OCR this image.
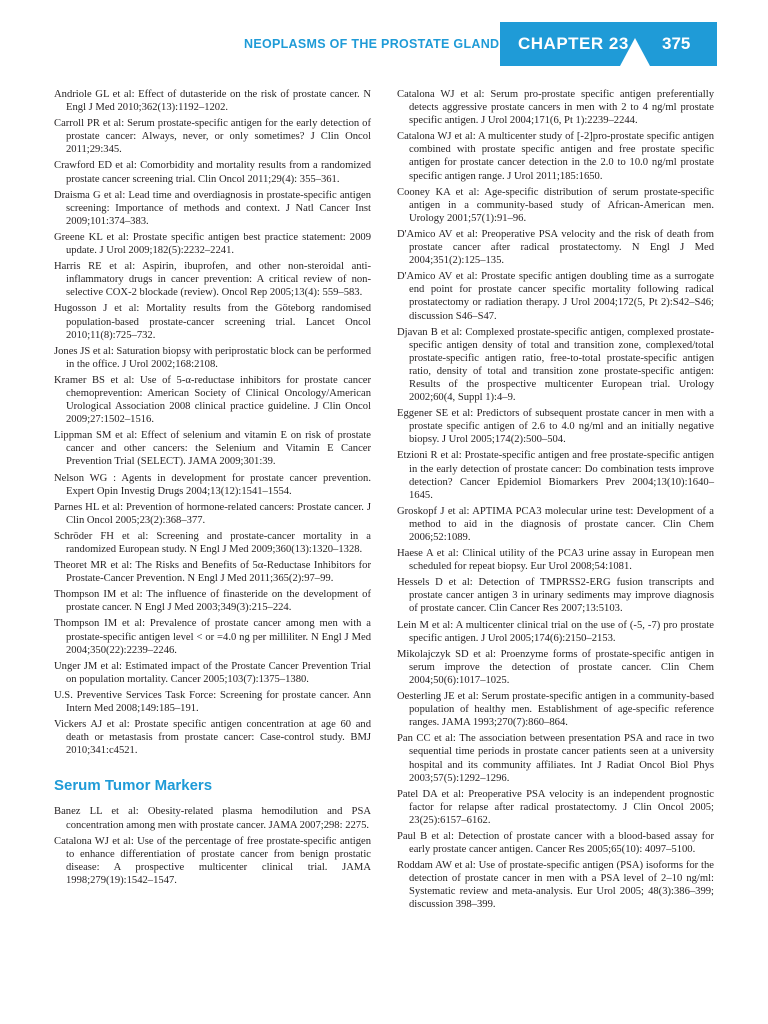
NEOPLASMS OF THE PROSTATE GLAND CHAPTER 23 375

Andriole GL et al: Effect of dutasteride on the risk of prostate cancer. N Engl J Med 2010;362(13):1192–1202.

Carroll PR et al: Serum prostate-specific antigen for the early detection of prostate cancer: Always, never, or only sometimes? J Clin Oncol 2011;29:345.

Crawford ED et al: Comorbidity and mortality results from a randomized prostate cancer screening trial. Clin Oncol 2011;29(4): 355–361.

Draisma G et al: Lead time and overdiagnosis in prostate-specific antigen screening: Importance of methods and context. J Natl Cancer Inst 2009;101:374–383.

Greene KL et al: Prostate specific antigen best practice statement: 2009 update. J Urol 2009;182(5):2232–2241.

Harris RE et al: Aspirin, ibuprofen, and other non-steroidal anti-inflammatory drugs in cancer prevention: A critical review of non-selective COX-2 blockade (review). Oncol Rep 2005;13(4): 559–583.

Hugosson J et al: Mortality results from the Göteborg randomised population-based prostate-cancer screening trial. Lancet Oncol 2010;11(8):725–732.

Jones JS et al: Saturation biopsy with periprostatic block can be performed in the office. J Urol 2002;168:2108.

Kramer BS et al: Use of 5-α-reductase inhibitors for prostate cancer chemoprevention: American Society of Clinical Oncology/American Urological Association 2008 clinical practice guideline. J Clin Oncol 2009;27:1502–1516.

Lippman SM et al: Effect of selenium and vitamin E on risk of prostate cancer and other cancers: the Selenium and Vitamin E Cancer Prevention Trial (SELECT). JAMA 2009;301:39.

Nelson WG : Agents in development for prostate cancer prevention. Expert Opin Investig Drugs 2004;13(12):1541–1554.

Parnes HL et al: Prevention of hormone-related cancers: Prostate cancer. J Clin Oncol 2005;23(2):368–377.

Schröder FH et al: Screening and prostate-cancer mortality in a randomized European study. N Engl J Med 2009;360(13):1320–1328.

Theoret MR et al: The Risks and Benefits of 5α-Reductase Inhibitors for Prostate-Cancer Prevention. N Engl J Med 2011;365(2):97–99.

Thompson IM et al: The influence of finasteride on the development of prostate cancer. N Engl J Med 2003;349(3):215–224.

Thompson IM et al: Prevalence of prostate cancer among men with a prostate-specific antigen level < or =4.0 ng per milliliter. N Engl J Med 2004;350(22):2239–2246.

Unger JM et al: Estimated impact of the Prostate Cancer Prevention Trial on population mortality. Cancer 2005;103(7):1375–1380.

U.S. Preventive Services Task Force: Screening for prostate cancer. Ann Intern Med 2008;149:185–191.

Vickers AJ et al: Prostate specific antigen concentration at age 60 and death or metastasis from prostate cancer: Case-control study. BMJ 2010;341:c4521.

Serum Tumor Markers

Banez LL et al: Obesity-related plasma hemodilution and PSA concentration among men with prostate cancer. JAMA 2007;298: 2275.

Catalona WJ et al: Use of the percentage of free prostate-specific antigen to enhance differentiation of prostate cancer from benign prostatic disease: A prospective multicenter clinical trial. JAMA 1998;279(19):1542–1547.

Catalona WJ et al: Serum pro-prostate specific antigen preferentially detects aggressive prostate cancers in men with 2 to 4 ng/ml prostate specific antigen. J Urol 2004;171(6, Pt 1):2239–2244.

Catalona WJ et al: A multicenter study of [-2]pro-prostate specific antigen combined with prostate specific antigen and free prostate specific antigen for prostate cancer detection in the 2.0 to 10.0 ng/ml prostate specific antigen range. J Urol 2011;185:1650.

Cooney KA et al: Age-specific distribution of serum prostate-specific antigen in a community-based study of African-American men. Urology 2001;57(1):91–96.

D'Amico AV et al: Preoperative PSA velocity and the risk of death from prostate cancer after radical prostatectomy. N Engl J Med 2004;351(2):125–135.

D'Amico AV et al: Prostate specific antigen doubling time as a surrogate end point for prostate cancer specific mortality following radical prostatectomy or radiation therapy. J Urol 2004;172(5, Pt 2):S42–S46; discussion S46–S47.

Djavan B et al: Complexed prostate-specific antigen, complexed prostate-specific antigen density of total and transition zone, complexed/total prostate-specific antigen ratio, free-to-total prostate-specific antigen ratio, density of total and transition zone prostate-specific antigen: Results of the prospective multicenter European trial. Urology 2002;60(4, Suppl 1):4–9.

Eggener SE et al: Predictors of subsequent prostate cancer in men with a prostate specific antigen of 2.6 to 4.0 ng/ml and an initially negative biopsy. J Urol 2005;174(2):500–504.

Etzioni R et al: Prostate-specific antigen and free prostate-specific antigen in the early detection of prostate cancer: Do combination tests improve detection? Cancer Epidemiol Biomarkers Prev 2004;13(10):1640–1645.

Groskopf J et al: APTIMA PCA3 molecular urine test: Development of a method to aid in the diagnosis of prostate cancer. Clin Chem 2006;52:1089.

Haese A et al: Clinical utility of the PCA3 urine assay in European men scheduled for repeat biopsy. Eur Urol 2008;54:1081.

Hessels D et al: Detection of TMPRSS2-ERG fusion transcripts and prostate cancer antigen 3 in urinary sediments may improve diagnosis of prostate cancer. Clin Cancer Res 2007;13:5103.

Lein M et al: A multicenter clinical trial on the use of (-5, -7) pro prostate specific antigen. J Urol 2005;174(6):2150–2153.

Mikolajczyk SD et al: Proenzyme forms of prostate-specific antigen in serum improve the detection of prostate cancer. Clin Chem 2004;50(6):1017–1025.

Oesterling JE et al: Serum prostate-specific antigen in a community-based population of healthy men. Establishment of age-specific reference ranges. JAMA 1993;270(7):860–864.

Pan CC et al: The association between presentation PSA and race in two sequential time periods in prostate cancer patients seen at a university hospital and its community affiliates. Int J Radiat Oncol Biol Phys 2003;57(5):1292–1296.

Patel DA et al: Preoperative PSA velocity is an independent prognostic factor for relapse after radical prostatectomy. J Clin Oncol 2005; 23(25):6157–6162.

Paul B et al: Detection of prostate cancer with a blood-based assay for early prostate cancer antigen. Cancer Res 2005;65(10): 4097–5100.

Roddam AW et al: Use of prostate-specific antigen (PSA) isoforms for the detection of prostate cancer in men with a PSA level of 2–10 ng/ml: Systematic review and meta-analysis. Eur Urol 2005; 48(3):386–399; discussion 398–399.
